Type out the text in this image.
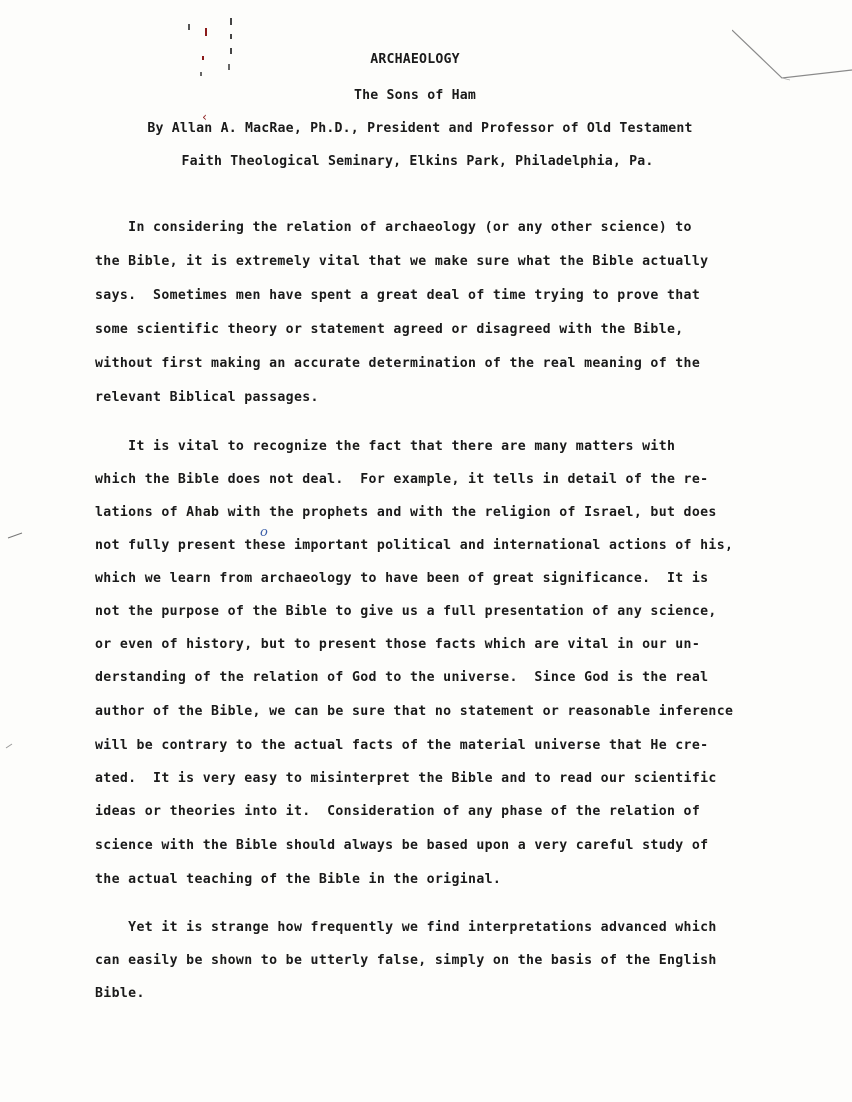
‹
ARCHAEOLOGY
The Sons of Ham
By Allan A. MacRae, Ph.D., President and Professor of Old Testament
Faith Theological Seminary, Elkins Park, Philadelphia, Pa.
In considering the relation of archaeology (or any other science) to
the Bible, it is extremely vital that we make sure what the Bible actually
says.  Sometimes men have spent a great deal of time trying to prove that
some scientific theory or statement agreed or disagreed with the Bible,
without first making an accurate determination of the real meaning of the
relevant Biblical passages.
It is vital to recognize the fact that there are many matters with
which the Bible does not deal.  For example, it tells in detail of the re-
lations of Ahab with the prophets and with the religion of Israel, but does
not fully present these important political and international actions of his,
which we learn from archaeology to have been of great significance.  It is
not the purpose of the Bible to give us a full presentation of any science,
or even of history, but to present those facts which are vital in our un-
derstanding of the relation of God to the universe.  Since God is the real
author of the Bible, we can be sure that no statement or reasonable inference
will be contrary to the actual facts of the material universe that He cre-
ated.  It is very easy to misinterpret the Bible and to read our scientific
ideas or theories into it.  Consideration of any phase of the relation of
science with the Bible should always be based upon a very careful study of
the actual teaching of the Bible in the original.
o
Yet it is strange how frequently we find interpretations advanced which
can easily be shown to be utterly false, simply on the basis of the English
Bible.
